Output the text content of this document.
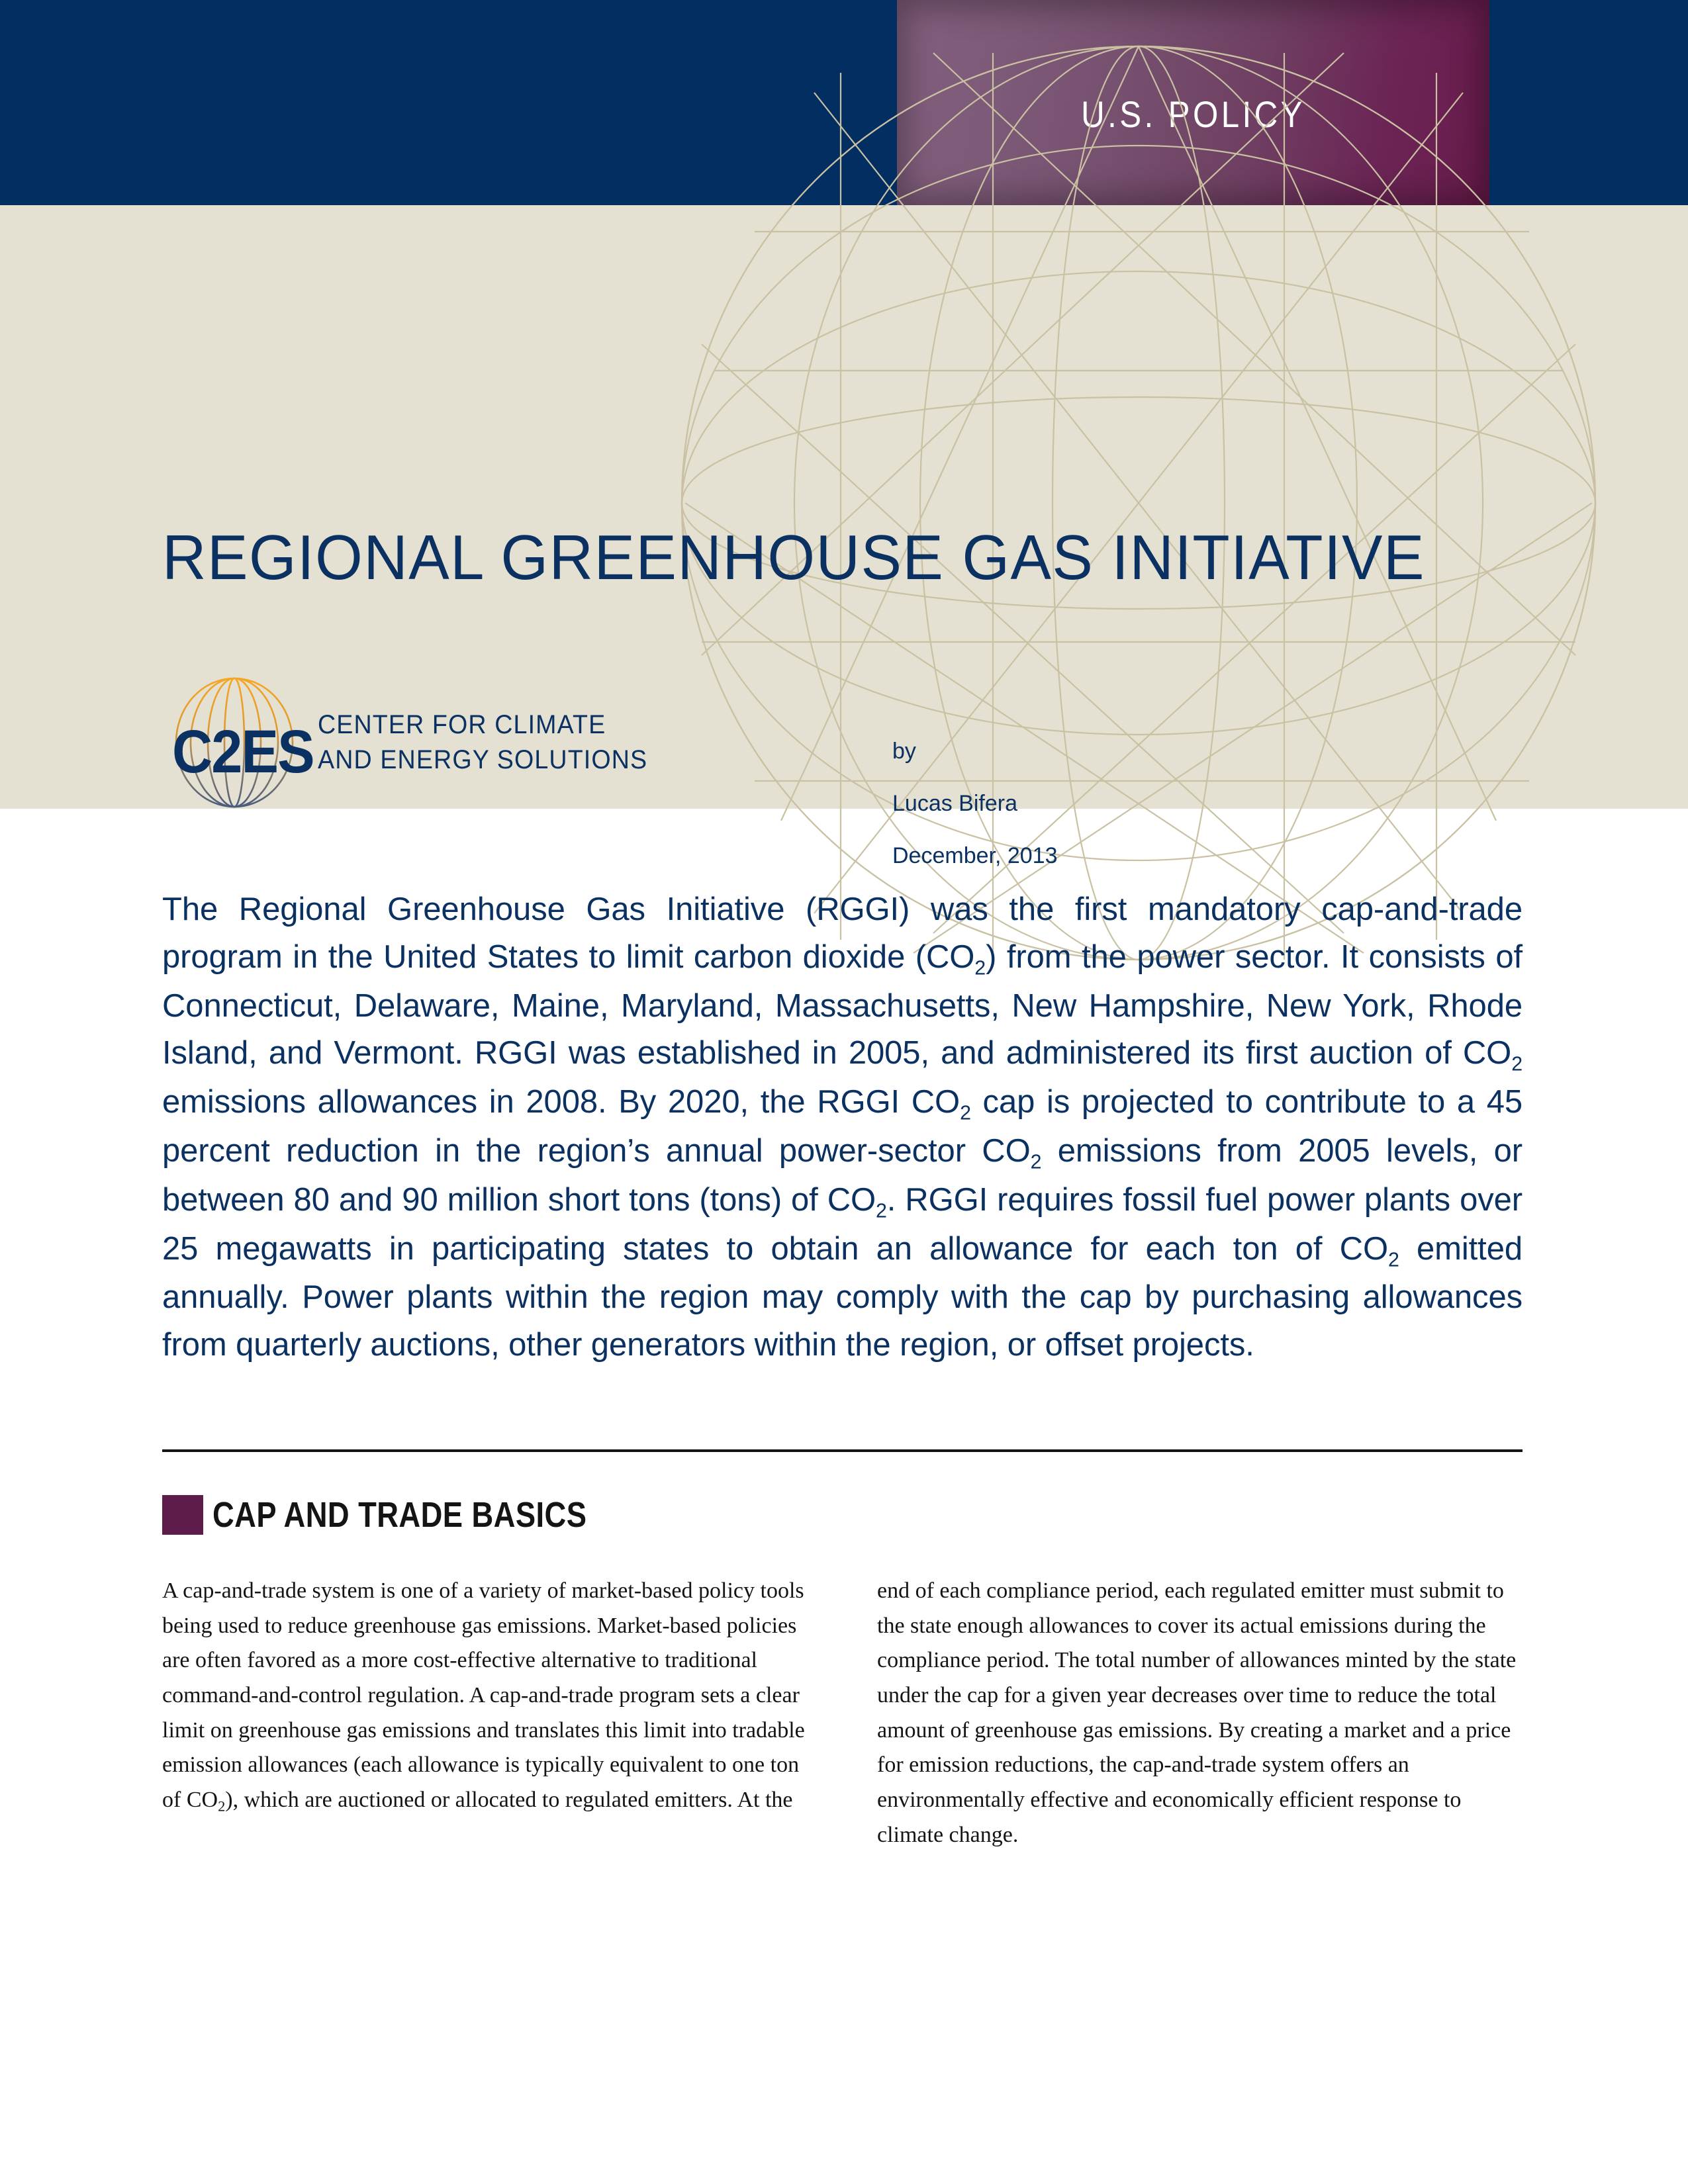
U.S. POLICY
REGIONAL GREENHOUSE GAS INITIATIVE
C2ES CENTER FOR CLIMATE
AND ENERGY SOLUTIONS	by
Lucas Bifera
December, 2013

The Regional Greenhouse Gas Initiative (RGGI) was the first mandatory cap-and-trade program in the United States to limit carbon dioxide $(CO_2)$ from the power sector. It consists of Connecticut, Delaware, Maine, Maryland, Massachusetts, New Hampshire, New York, Rhode Island, and Vermont. RGGI was established in 2005, and administered its first auction of $CO_2$ emissions allowances in 2008. By 2020, the RGGI $CO_2$ cap is projected to contribute to a 45 percent reduction in the region’s annual power-sector $CO_2$ emissions from 2005 levels, or between 80 and 90 million short tons (tons) of $CO_2$. RGGI requires fossil fuel power plants over 25 megawatts in participating states to obtain an allowance for each ton of $CO_2$ emitted annually. Power plants within the region may comply with the cap by purchasing allowances from quarterly auctions, other generators within the region, or offset projects.

CAP AND TRADE BASICS
A cap-and-trade system is one of a variety of market-based policy tools being used to reduce greenhouse gas emissions. Market-based policies are often favored as a more cost-effective alternative to traditional command-and-control regulation. A cap-and-trade program sets a clear limit on greenhouse gas emissions and translates this limit into tradable emission allowances (each allowance is typically equivalent to one ton of $CO_2$), which are auctioned or allocated to regulated emitters. At the
end of each compliance period, each regulated emitter must submit to the state enough allowances to cover its actual emissions during the compliance period. The total number of allowances minted by the state under the cap for a given year decreases over time to reduce the total amount of greenhouse gas emissions. By creating a market and a price for emission reductions, the cap-and-trade system offers an environmentally effective and economically efficient response to climate change.
